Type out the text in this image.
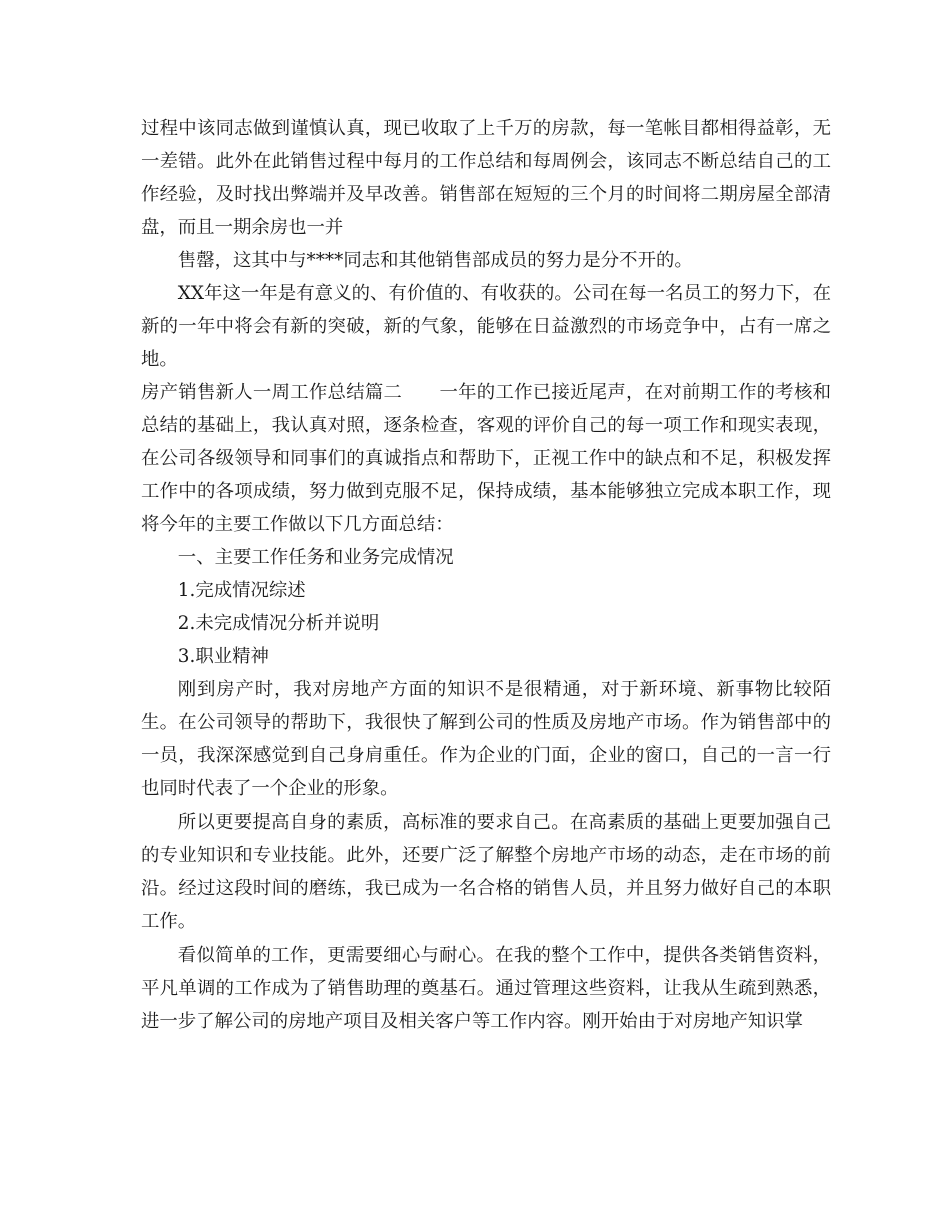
过程中该同志做到谨慎认真，现已收取了上千万的房款，每一笔帐目都相得益彰，无一差错。此外在此销售过程中每月的工作总结和每周例会，该同志不断总结自己的工作经验，及时找出弊端并及早改善。销售部在短短的三个月的时间将二期房屋全部清盘，而且一期余房也一并

售罄，这其中与****同志和其他销售部成员的努力是分不开的。

XX年这一年是有意义的、有价值的、有收获的。公司在每一名员工的努力下，在新的一年中将会有新的突破，新的气象，能够在日益激烈的市场竞争中，占有一席之地。

房产销售新人一周工作总结篇二　　一年的工作已接近尾声，在对前期工作的考核和总结的基础上，我认真对照，逐条检查，客观的评价自己的每一项工作和现实表现，在公司各级领导和同事们的真诚指点和帮助下，正视工作中的缺点和不足，积极发挥工作中的各项成绩，努力做到克服不足，保持成绩，基本能够独立完成本职工作，现将今年的主要工作做以下几方面总结：

一、主要工作任务和业务完成情况

1.完成情况综述

2.未完成情况分析并说明

3.职业精神

刚到房产时，我对房地产方面的知识不是很精通，对于新环境、新事物比较陌生。在公司领导的帮助下，我很快了解到公司的性质及房地产市场。作为销售部中的一员，我深深感觉到自己身肩重任。作为企业的门面，企业的窗口，自己的一言一行也同时代表了一个企业的形象。

所以更要提高自身的素质，高标准的要求自己。在高素质的基础上更要加强自己的专业知识和专业技能。此外，还要广泛了解整个房地产市场的动态，走在市场的前沿。经过这段时间的磨练，我已成为一名合格的销售人员，并且努力做好自己的本职工作。

看似简单的工作，更需要细心与耐心。在我的整个工作中，提供各类销售资料，平凡单调的工作成为了销售助理的奠基石。通过管理这些资料，让我从生疏到熟悉，进一步了解公司的房地产项目及相关客户等工作内容。刚开始由于对房地产知识掌
